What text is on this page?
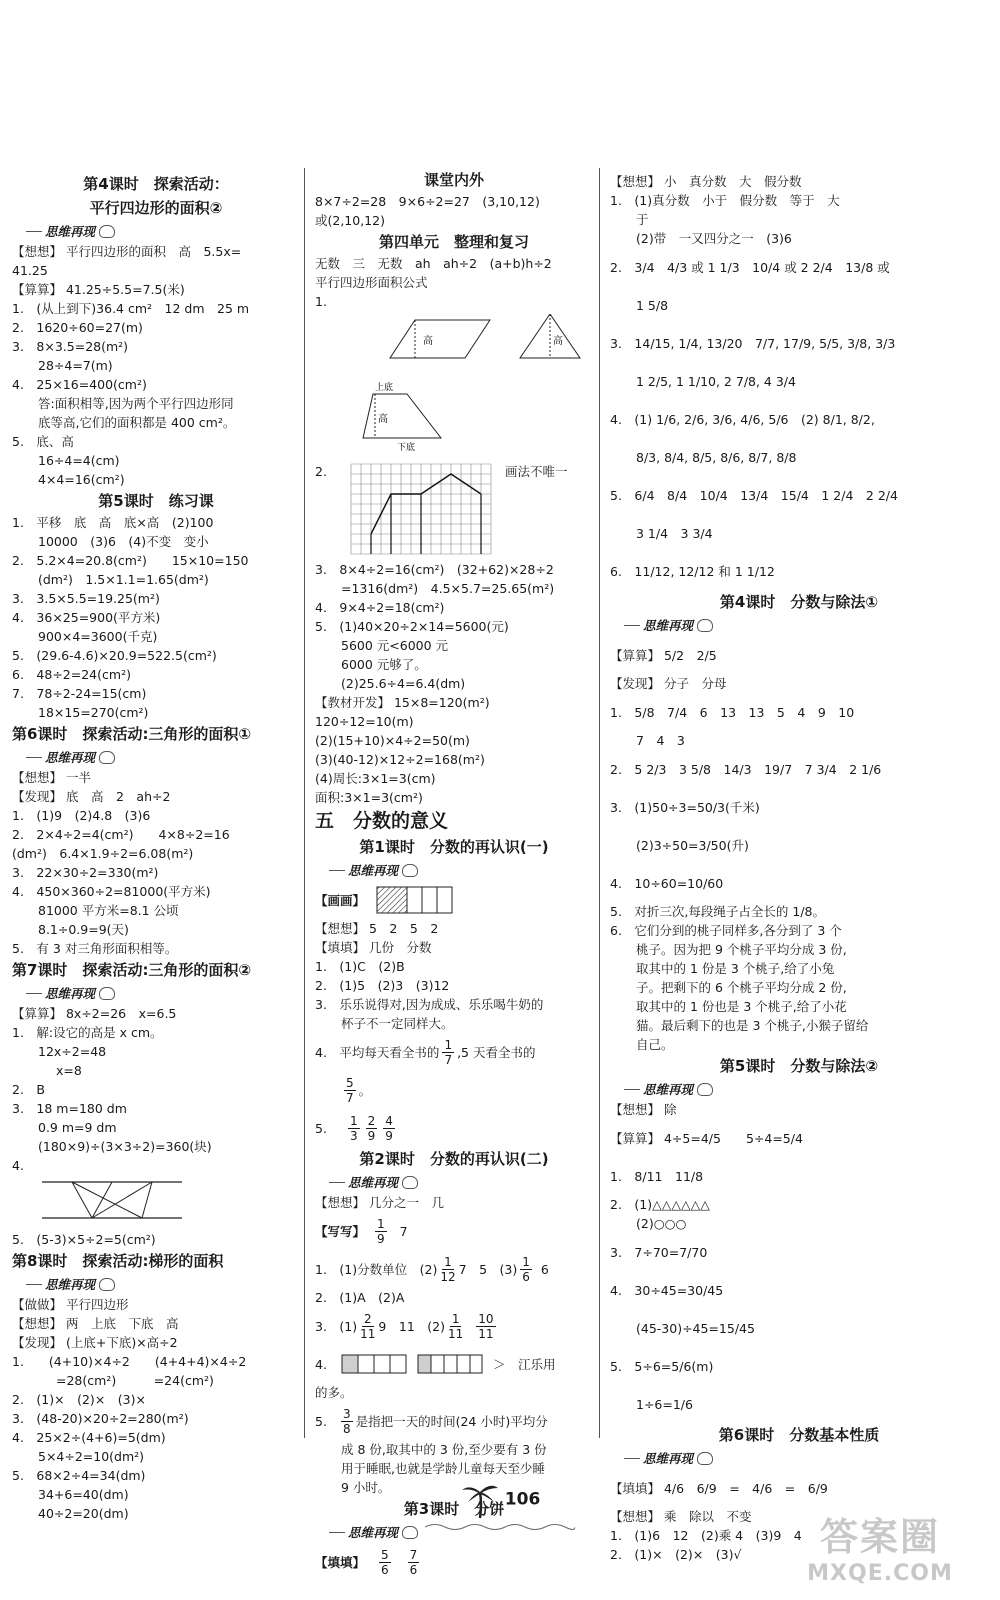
第4课时　探索活动：
平行四边形的面积②
思维再现

【想想】 平行四边形的面积　高　5.5x=

41.25

【算算】 41.25÷5.5=7.5(米)

1.　(从上到下)36.4 cm²　12 dm　25 m

2.　1620÷60=27(m)

3.　8×3.5=28(m²)

28÷4=7(m)

4.　25×16=400(cm²)

答:面积相等,因为两个平行四边形同

底等高,它们的面积都是 400 cm²。

5.　底、高

16÷4=4(cm)

4×4=16(cm²)

第5课时　练习课

1.　平移　底　高　底×高　(2)100

10000　(3)6　(4)不变　变小

2.　5.2×4=20.8(cm²)　　15×10=150

(dm²)　1.5×1.1=1.65(dm²)

3.　3.5×5.5=19.25(m²)

4.　36×25=900(平方米)

900×4=3600(千克)

5.　(29.6-4.6)×20.9=522.5(cm²)

6.　48÷2=24(cm²)

7.　78÷2-24=15(cm)

18×15=270(cm²)

第6课时　探索活动:三角形的面积①
思维再现

【想想】 一半

【发现】 底　高　2　ah÷2

1.　(1)9　(2)4.8　(3)6

2.　2×4÷2=4(cm²)　　4×8÷2=16

(dm²)　6.4×1.9÷2=6.08(m²)

3.　22×30÷2=330(m²)

4.　450×360÷2=81000(平方米)

81000 平方米=8.1 公顷

8.1÷0.9=9(天)

5.　有 3 对三角形面积相等。

第7课时　探索活动:三角形的面积②
思维再现

【算算】 8x÷2=26　x=6.5

1.　解:设它的高是 x cm。

12x÷2=48

x=8

2.　B

3.　18 m=180 dm

0.9 m=9 dm

(180×9)÷(3×3÷2)=360(块)

4.

5.　(5-3)×5÷2=5(cm²)

第8课时　探索活动:梯形的面积
思维再现

【做做】 平行四边形

【想想】 两　上底　下底　高

【发现】 (上底+下底)×高÷2

1.　　(4+10)×4÷2　　(4+4+4)×4÷2

=28(cm²)　　　=24(cm²)

2.　(1)×　(2)×　(3)×

3.　(48-20)×20÷2=280(m²)

4.　25×2÷(4+6)=5(dm)

5×4÷2=10(dm²)

5.　68×2÷4=34(dm)

34+6=40(dm)

40÷2=20(dm)

课堂内外

8×7÷2=28　9×6÷2=27　(3,10,12)

或(2,10,12)

第四单元　整理和复习

无数　三　无数　ah　ah÷2　(a+b)h÷2

平行四边形面积公式

1.

高	高
高
上底
下底
2.	画法不唯一

3.　8×4÷2=16(cm²)　(32+62)×28÷2

=1316(dm²)　4.5×5.7=25.65(m²)

4.　9×4÷2=18(cm²)

5.　(1)40×20÷2×14=5600(元)

5600 元<6000 元

6000 元够了。

(2)25.6÷4=6.4(dm)

【教材开发】 15×8=120(m²)

120÷12=10(m)

(2)(15+10)×4÷2=50(m)

(3)(40-12)×12÷2=168(m²)

(4)周长:3×1=3(cm)

面积:3×1=3(cm²)

五　分数的意义
第1课时　分数的再认识(一)
思维再现
【画画】

【想想】 5　2　5　2

【填填】 几份　分数

1.　(1)C　(2)B

2.　(1)5　(2)3　(3)12

3.　乐乐说得对,因为成成、乐乐喝牛奶的

杯子不一定同样大。

4.　平均每天看全书的 $\frac{1}{7} ,5$ 天看全书的
$\frac{5}{7}$ 。
5. $\frac{1}{3} \frac{2}{9} \frac{4}{9}$
第2课时　分数的再认识(二)
思维再现

【想想】 几分之一　几

【写写】 $\frac{1}{9} 7$
1.　(1)分数单位　$(2) \frac{1}{12} 7$　5　$(3) \frac{1}{6} 6$

2.　(1)A　(2)A

3.　$(1) \frac{2}{11} 9$　11　$(2) \frac{1}{11} \frac{10}{11}$
4.	＞　江乐用

的多。

5. $\frac{3}{8}$ 是指把一天的时间(24 小时)平均分

成 8 份,取其中的 3 份,至少要有 3 份

用于睡眠,也就是学龄儿童每天至少睡

9 小时。

第3课时　分饼
思维再现
【填填】 $\frac{5}{6} \frac{7}{6}$

【想想】 小　真分数　大　假分数

1.　(1)真分数　小于　假分数　等于　大

于

(2)带　一又四分之一　(3)6

2.　3/4　4/3 或 1 1/3　10/4 或 2 2/4　13/8 或
1 5/8
3.　14/15, 1/4, 13/20　7/7, 17/9, 5/5, 3/8, 3/3
1 2/5, 1 1/10, 2 7/8, 4 3/4
4.　(1) 1/6, 2/6, 3/6, 4/6, 5/6　(2) 8/1, 8/2,
8/3, 8/4, 8/5, 8/6, 8/7, 8/8
5.　6/4　8/4　10/4　13/4　15/4　1 2/4　2 2/4
3 1/4　3 3/4
6.　11/12, 12/12 和 1 1/12
第4课时　分数与除法①
思维再现
【算算】 5/2　2/5

【发现】 分子　分母

1.　5/8　7/4　6　13　13　5　4　9　10

7　4　3

2.　5 2/3　3 5/8　14/3　19/7　7 3/4　2 1/6
3.　(1)50÷3=50/3(千米)
(2)3÷50=3/50(升)
4.　10÷60=10/60

5.　对折三次,每段绳子占全长的 1/8。

6.　它们分到的桃子同样多,各分到了 3 个

桃子。因为把 9 个桃子平均分成 3 份,

取其中的 1 份是 3 个桃子,给了小兔

子。把剩下的 6 个桃子平均分成 2 份,

取其中的 1 份也是 3 个桃子,给了小花

猫。最后剩下的也是 3 个桃子,小猴子留给

自己。

第5课时　分数与除法②
思维再现

【想想】 除

【算算】 4÷5=4/5　　5÷4=5/4
1.　8/11　11/8

2.　(1)△△△△△△

(2)○○○

3.　7÷70=7/70
4.　30÷45=30/45
(45-30)÷45=15/45
5.　5÷6=5/6(m)
1÷6=1/6
第6课时　分数基本性质
思维再现
【填填】 4/6　6/9　=　4/6　=　6/9

【想想】 乘　除以　不变

1.　(1)6　12　(2)乘 4　(3)9　4

2.　(1)×　(2)×　(3)√

106
答案圈
MXQE.COM
